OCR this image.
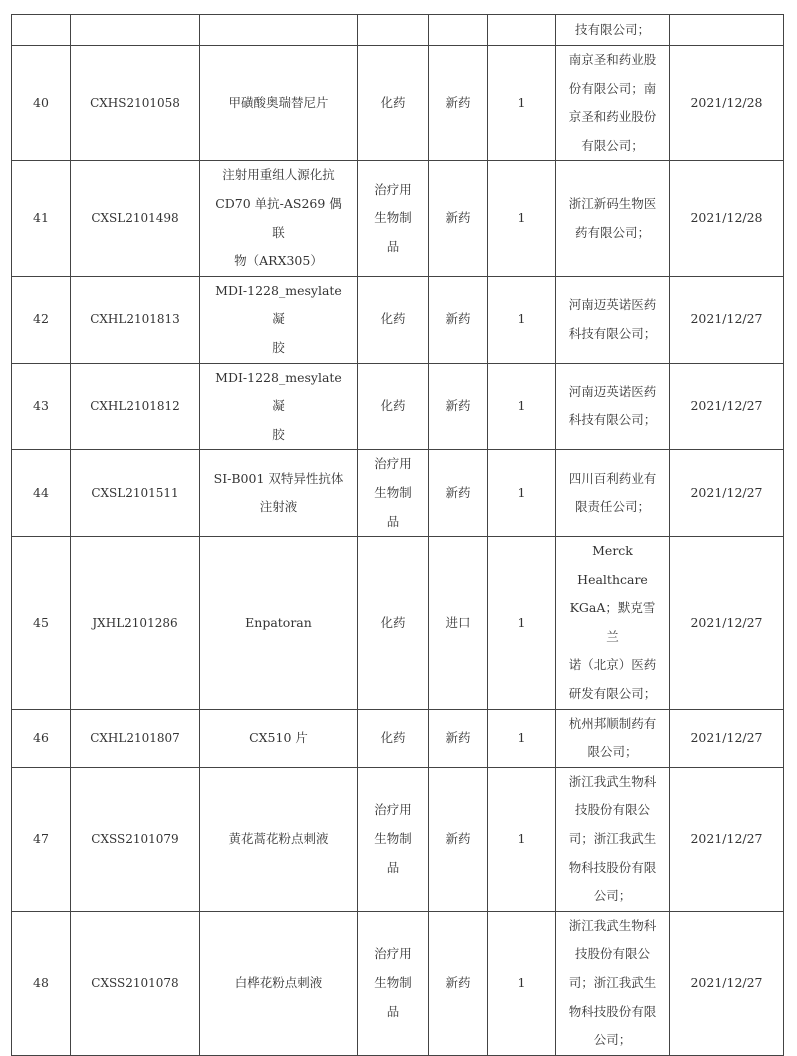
						技有限公司；	

40	CXHS2101058	甲磺酸奥瑞替尼片	化药	新药	1	南京圣和药业股
份有限公司；南
京圣和药业股份
有限公司；	2021/12/28
41	CXSL2101498	注射用重组人源化抗
CD70 单抗-AS269 偶联
物（ARX305）	治疗用
生物制
品	新药	1	浙江新码生物医
药有限公司；	2021/12/28
42	CXHL2101813	MDI-1228_mesylate 凝
胶	化药	新药	1	河南迈英诺医药
科技有限公司；	2021/12/27
43	CXHL2101812	MDI-1228_mesylate 凝
胶	化药	新药	1	河南迈英诺医药
科技有限公司；	2021/12/27
44	CXSL2101511	SI-B001 双特异性抗体
注射液	治疗用
生物制
品	新药	1	四川百利药业有
限责任公司；	2021/12/27
45	JXHL2101286	Enpatoran	化药	进口	1	Merck
Healthcare
KGaA；默克雪兰
诺（北京）医药
研发有限公司；	2021/12/27
46	CXHL2101807	CX510 片	化药	新药	1	杭州邦顺制药有
限公司；	2021/12/27
47	CXSS2101079	黄花蒿花粉点刺液	治疗用
生物制
品	新药	1	浙江我武生物科
技股份有限公
司；浙江我武生
物科技股份有限
公司；	2021/12/27
48	CXSS2101078	白桦花粉点刺液	治疗用
生物制
品	新药	1	浙江我武生物科
技股份有限公
司；浙江我武生
物科技股份有限
公司；	2021/12/27
